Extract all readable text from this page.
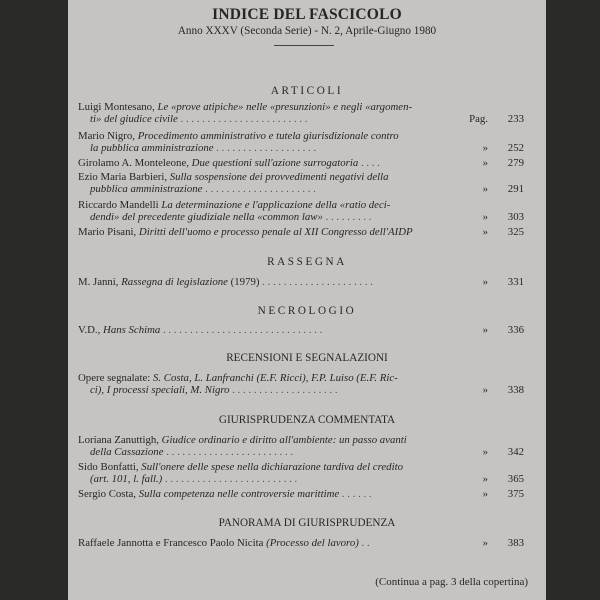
INDICE DEL FASCICOLO
Anno XXXV (Seconda Serie) - N. 2, Aprile-Giugno 1980
ARTICOLI
Luigi Montesano, Le «prove atipiche» nelle «presunzioni» e negli «argomen-
ti» del giudice civile . . . . . . . . . . . . . . . . . . . . . . . .	Pag. 233
Mario Nigro, Procedimento amministrativo e tutela giurisdizionale contro
la pubblica amministrazione . . . . . . . . . . . . . . . . . . .	» 252
Girolamo A. Monteleone, Due questioni sull'azione surrogatoria . . . .	» 279
Ezio Maria Barbieri, Sulla sospensione dei provvedimenti negativi della
pubblica amministrazione . . . . . . . . . . . . . . . . . . . . .	» 291
Riccardo Mandelli La determinazione e l'applicazione della «ratio deci-
dendi» del precedente giudiziale nella «common law» . . . . . . . . .	» 303
Mario Pisani, Diritti dell'uomo e processo penale al XII Congresso dell'AIDP	» 325
RASSEGNA
M. Janni, Rassegna di legislazione (1979) . . . . . . . . . . . . . . . . . . . . .	» 331
NECROLOGIO
V.D., Hans Schima . . . . . . . . . . . . . . . . . . . . . . . . . . . . . .	» 336
RECENSIONI E SEGNALAZIONI
Opere segnalate: S. Costa, L. Lanfranchi (E.F. Ricci), F.P. Luiso (E.F. Ric-
ci), I processi speciali, M. Nigro . . . . . . . . . . . . . . . . . . . .	» 338
GIURISPRUDENZA COMMENTATA
Loriana Zanuttigh, Giudice ordinario e diritto all'ambiente: un passo avanti
della Cassazione . . . . . . . . . . . . . . . . . . . . . . . .	» 342
Sido Bonfatti, Sull'onere delle spese nella dichiarazione tardiva del credito
(art. 101, l. fall.) . . . . . . . . . . . . . . . . . . . . . . . . .	» 365
Sergio Costa, Sulla competenza nelle controversie marittime . . . . . .	» 375
PANORAMA DI GIURISPRUDENZA
Raffaele Jannotta e Francesco Paolo Nicita (Processo del lavoro) . .	» 383
(Continua a pag. 3 della copertina)
